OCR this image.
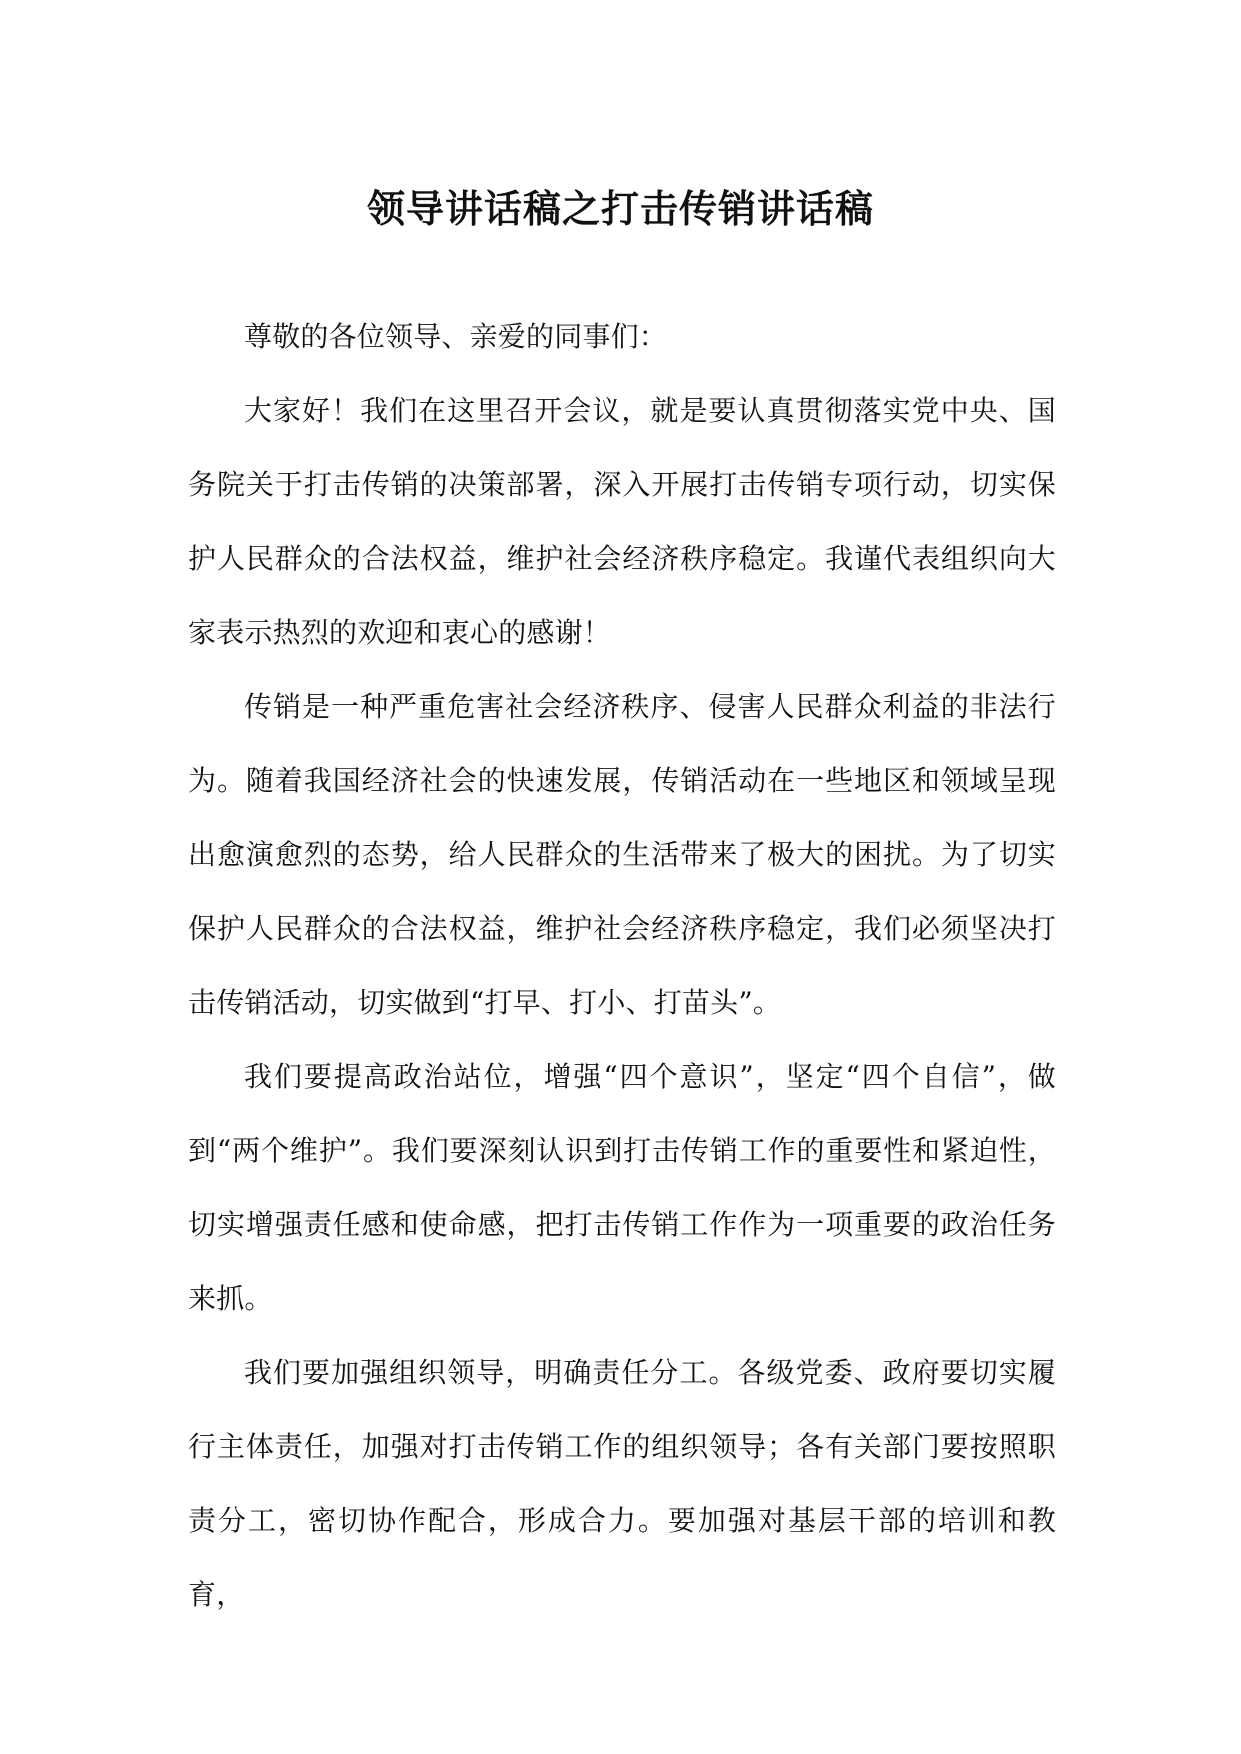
领导讲话稿之打击传销讲话稿

尊敬的各位领导、亲爱的同事们：

大家好！我们在这里召开会议，就是要认真贯彻落实党中央、国务院关于打击传销的决策部署，深入开展打击传销专项行动，切实保护人民群众的合法权益，维护社会经济秩序稳定。我谨代表组织向大家表示热烈的欢迎和衷心的感谢！

传销是一种严重危害社会经济秩序、侵害人民群众利益的非法行为。随着我国经济社会的快速发展，传销活动在一些地区和领域呈现出愈演愈烈的态势，给人民群众的生活带来了极大的困扰。为了切实保护人民群众的合法权益，维护社会经济秩序稳定，我们必须坚决打击传销活动，切实做到“打早、打小、打苗头”。

我们要提高政治站位，增强“四个意识”，坚定“四个自信”，做到“两个维护”。我们要深刻认识到打击传销工作的重要性和紧迫性，切实增强责任感和使命感，把打击传销工作作为一项重要的政治任务来抓。

我们要加强组织领导，明确责任分工。各级党委、政府要切实履行主体责任，加强对打击传销工作的组织领导；各有关部门要按照职责分工，密切协作配合，形成合力。要加强对基层干部的培训和教育，
